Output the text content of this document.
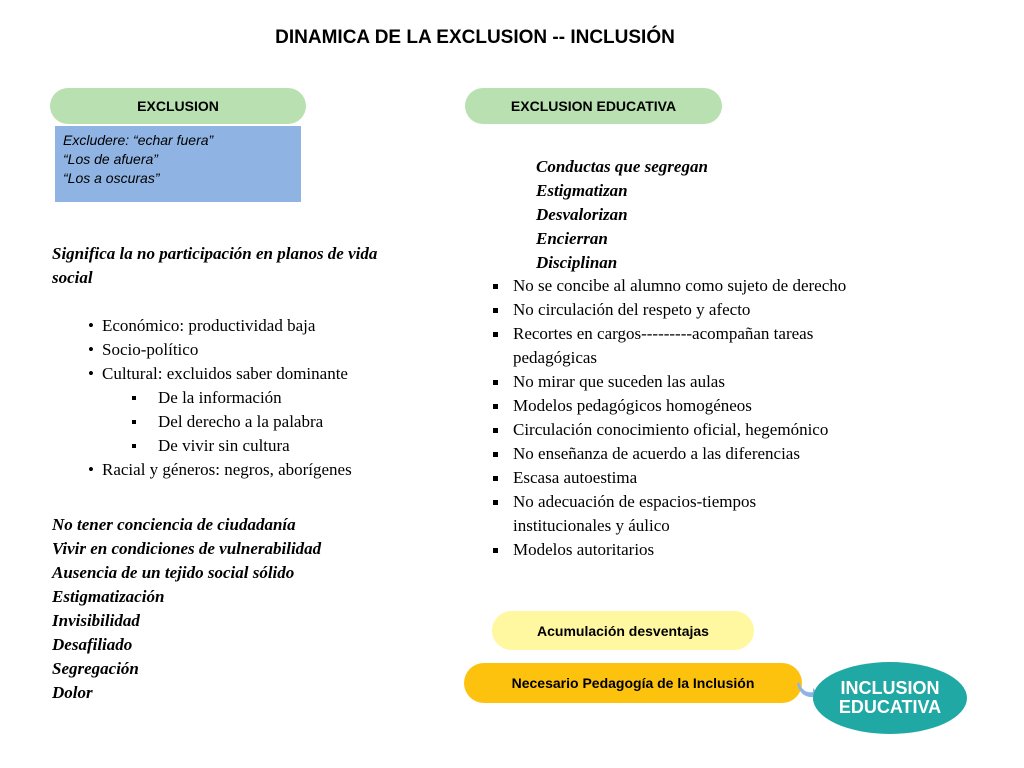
DINAMICA DE LA EXCLUSION -- INCLUSIÓN
EXCLUSION
Excludere: “echar fuera”
“Los de afuera”
“Los a oscuras”
Significa la no participación en planos de vida social
• Económico: productividad baja
• Socio-político
• Cultural: excluidos saber dominante
De la información
Del derecho a la palabra
De vivir sin cultura
• Racial y géneros: negros, aborígenes
No tener conciencia de ciudadanía
Vivir en condiciones de vulnerabilidad
Ausencia de un tejido social sólido
Estigmatización
Invisibilidad
Desafiliado
Segregación
Dolor
EXCLUSION EDUCATIVA
Conductas que segregan
Estigmatizan
Desvalorizan
Encierran
Disciplinan
No se concibe al alumno como sujeto de derecho
No circulación del respeto y afecto
Recortes en cargos---------acompañan tareas pedagógicas
No mirar que suceden las aulas
Modelos pedagógicos homogéneos
Circulación conocimiento oficial, hegemónico
No enseñanza de acuerdo a las diferencias
Escasa autoestima
No adecuación de espacios-tiempos institucionales y áulico
Modelos autoritarios
Acumulación desventajas
Necesario Pedagogía de la Inclusión	INCLUSION
EDUCATIVA
